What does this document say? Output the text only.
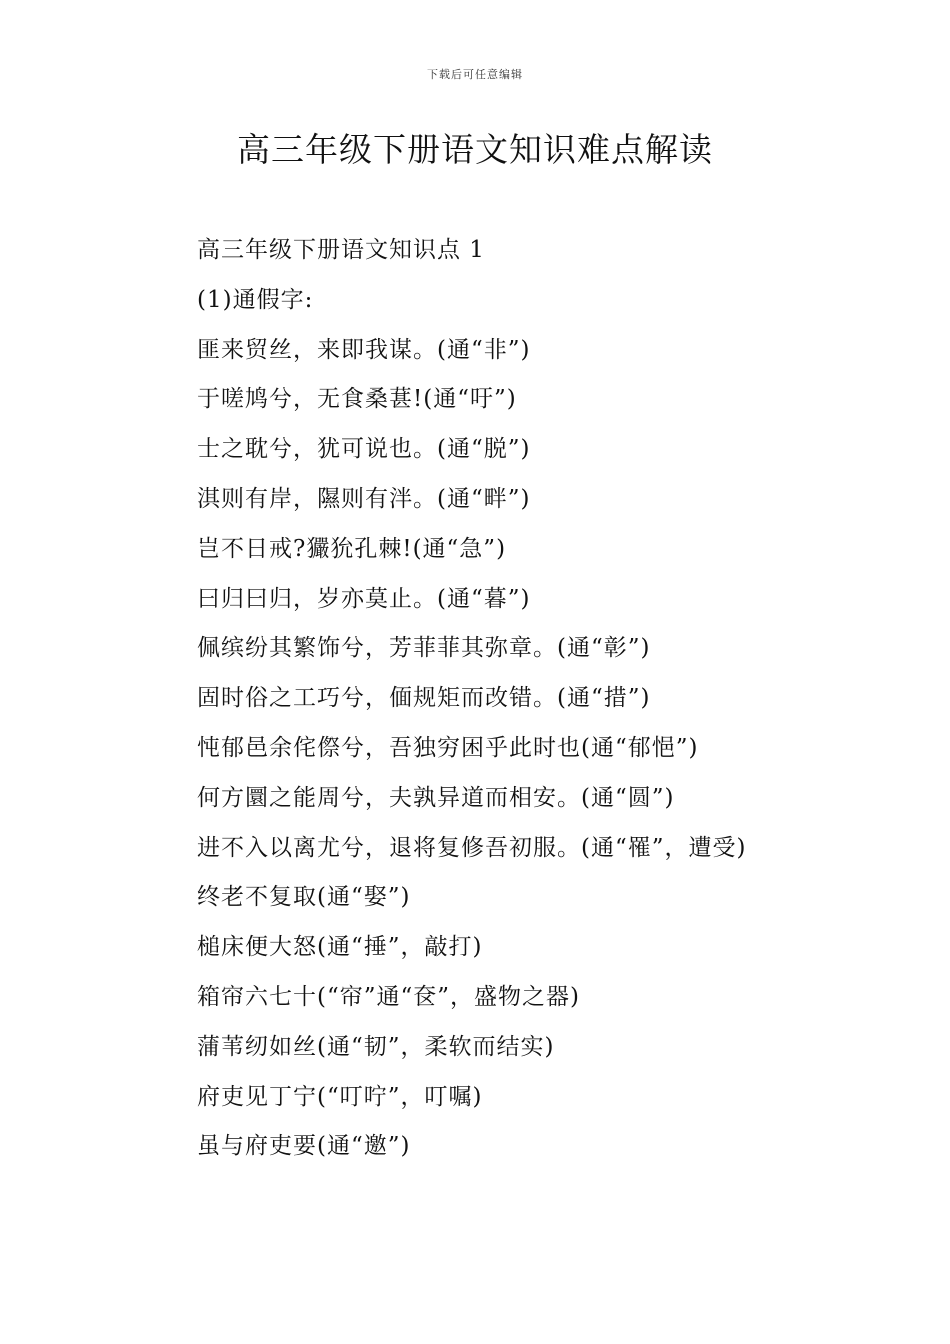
下载后可任意编辑
高三年级下册语文知识难点解读

高三年级下册语文知识点 1

(1)通假字:

匪来贸丝，来即我谋。(通“非”)

于嗟鸠兮，无食桑葚!(通“吁”)

士之耽兮，犹可说也。(通“脱”)

淇则有岸，隰则有泮。(通“畔”)

岂不日戒?玁狁孔棘!(通“急”)

曰归曰归，岁亦莫止。(通“暮”)

佩缤纷其繁饰兮，芳菲菲其弥章。(通“彰”)

固时俗之工巧兮，偭规矩而改错。(通“措”)

忳郁邑余侘傺兮，吾独穷困乎此时也(通“郁悒”)

何方圜之能周兮，夫孰异道而相安。(通“圆”)

进不入以离尤兮，退将复修吾初服。(通“罹”，遭受)

终老不复取(通“娶”)

槌床便大怒(通“捶”，敲打)

箱帘六七十(“帘”通“奁”，盛物之器)

蒲苇纫如丝(通“韧”，柔软而结实)

府吏见丁宁(“叮咛”，叮嘱)

虽与府吏要(通“邀”)
